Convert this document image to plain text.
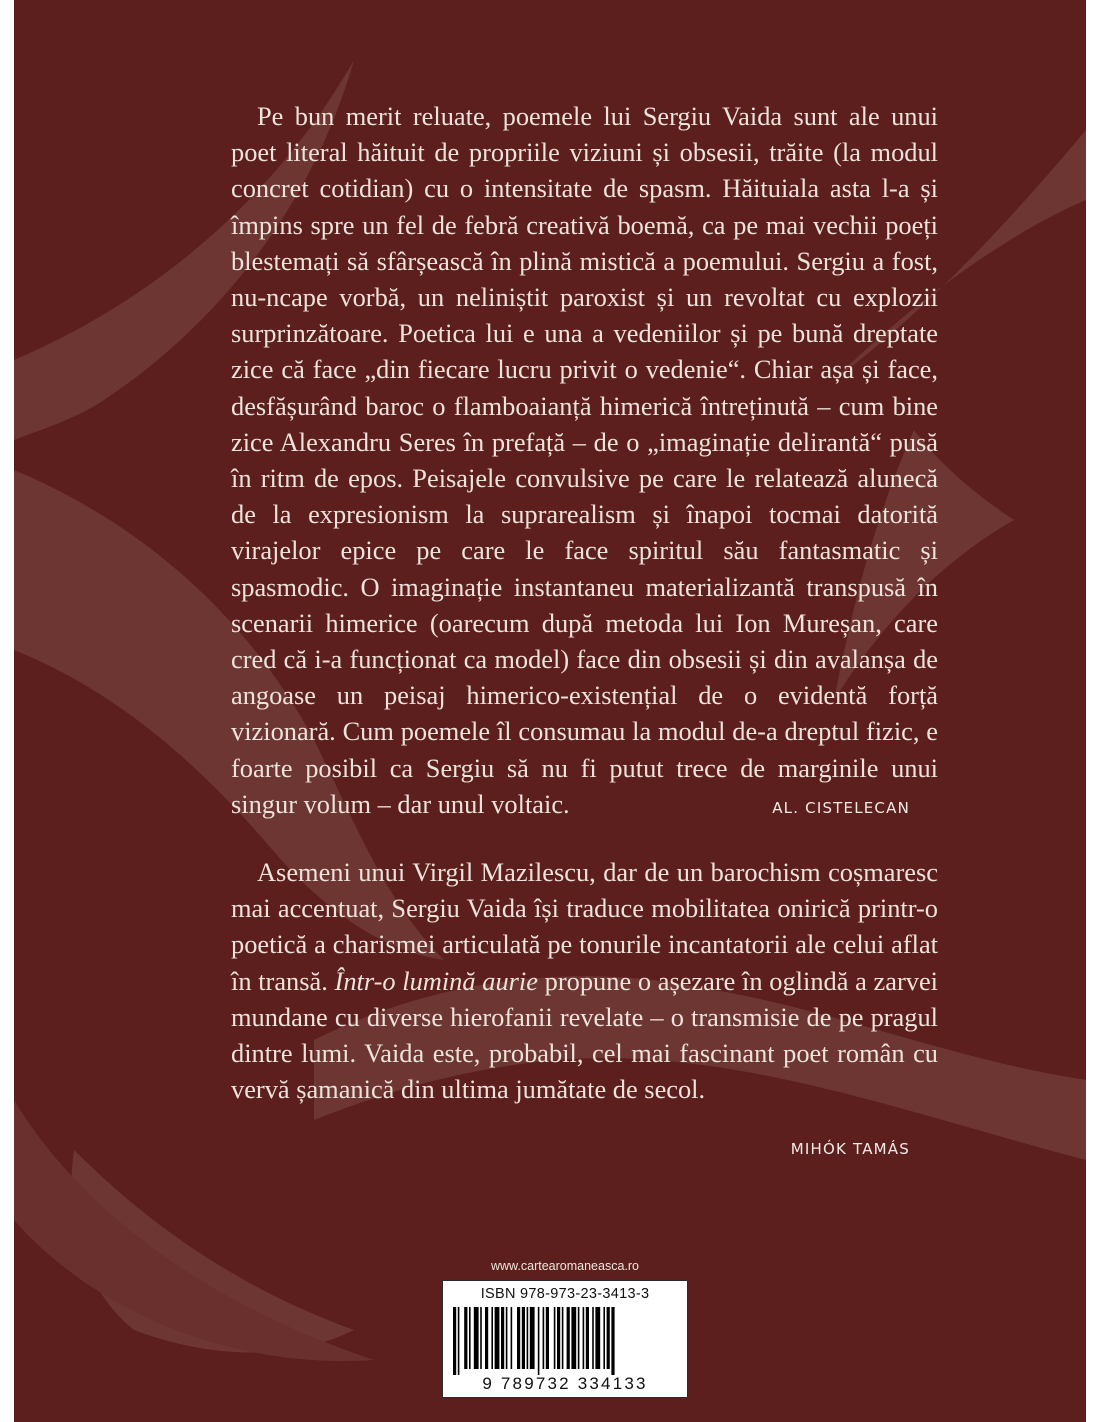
Pe bun merit reluate, poemele lui Sergiu Vaida sunt ale unui poet literal hăituit de propriile viziuni și obsesii, trăite (la modul concret cotidian) cu o intensitate de spasm. Hăituiala asta l-a și împins spre un fel de febră creativă boemă, ca pe mai vechii poeți blestemați să sfârșească în plină mistică a poemului. Sergiu a fost, nu-ncape vorbă, un neliniștit paroxist și un revoltat cu explozii surprinzătoare. Poetica lui e una a vedeniilor și pe bună dreptate zice că face „din fiecare lucru privit o vedenie“. Chiar așa și face, desfășurând baroc o flamboaianță himerică întreținută – cum bine zice Alexandru Seres în prefață – de o „imaginație delirantă“ pusă în ritm de epos. Peisajele convulsive pe care le relatează alunecă de la expresionism la suprarealism și înapoi tocmai datorită virajelor epice pe care le face spiritul său fantasmatic și spasmodic. O imaginație instantaneu materializantă transpusă în scenarii himerice (oarecum după metoda lui Ion Mureșan, care cred că i-a funcționat ca model) face din obsesii și din avalanșa de angoase un peisaj himerico-existențial de o evidentă forță vizionară. Cum poemele îl consumau la modul de-a dreptul fizic, e foarte posibil ca Sergiu să nu fi putut trece de marginile unui singur volum – dar unul voltaic.	AL. CISTELECAN

Asemeni unui Virgil Mazilescu, dar de un barochism coșmaresc mai accentuat, Sergiu Vaida își traduce mobilitatea onirică printr-o poetică a charismei articulată pe tonurile incantatorii ale celui aflat în transă. Într-o lumină aurie propune o așezare în oglindă a zarvei mundane cu diverse hierofanii revelate – o transmisie de pe pragul dintre lumi. Vaida este, probabil, cel mai fascinant poet român cu vervă șamanică din ultima jumătate de secol.

MIHÓK TAMÁS
www.cartearomaneasca.ro
ISBN 978-973-23-3413-3
9 789732 334133
